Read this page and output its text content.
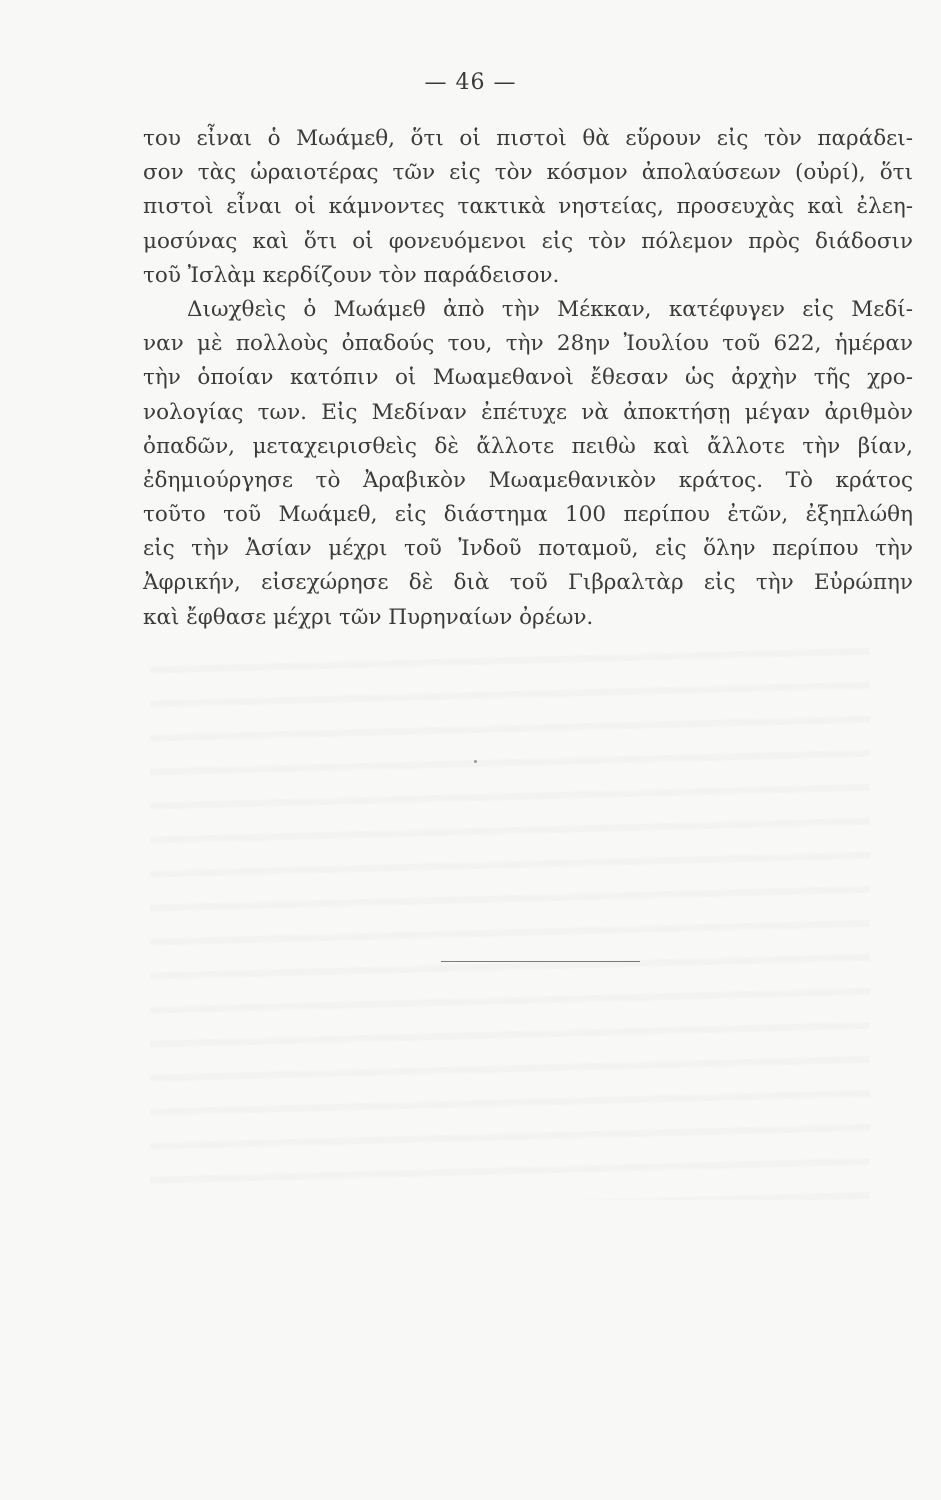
— 46 —
του εἶναι ὁ Μωάμεθ, ὅτι οἱ πιστοὶ θὰ εὕρουν εἰς τὸν παράδει-
σον τὰς ὡραιοτέρας τῶν εἰς τὸν κόσμον ἀπολαύσεων (οὐρί), ὅτι
πιστοὶ εἶναι οἱ κάμνοντες τακτικὰ νηστείας, προσευχὰς καὶ ἐλεη-
μοσύνας καὶ ὅτι οἱ φονευόμενοι εἰς τὸν πόλεμον πρὸς διάδοσιν
τοῦ Ἰσλὰμ κερδίζουν τὸν παράδεισον.
Διωχθεὶς ὁ Μωάμεθ ἀπὸ τὴν Μέκκαν, κατέφυγεν εἰς Μεδί-
ναν μὲ πολλοὺς ὀπαδούς του, τὴν 28ην Ἰουλίου τοῦ 622, ἡμέραν
τὴν ὁποίαν κατόπιν οἱ Μωαμεθανοὶ ἔθεσαν ὡς ἀρχὴν τῆς χρο-
νολογίας των. Εἰς Μεδίναν ἐπέτυχε νὰ ἀποκτήσῃ μέγαν ἀριθμὸν
ὀπαδῶν, μεταχειρισθεὶς δὲ ἄλλοτε πειθὼ καὶ ἄλλοτε τὴν βίαν,
ἐδημιούργησε τὸ Ἀραβικὸν Μωαμεθανικὸν κράτος. Τὸ κράτος
τοῦτο τοῦ Μωάμεθ, εἰς διάστημα 100 περίπου ἐτῶν, ἐξηπλώθη
εἰς τὴν Ἀσίαν μέχρι τοῦ Ἰνδοῦ ποταμοῦ, εἰς ὅλην περίπου τὴν
Ἀφρικήν, εἰσεχώρησε δὲ διὰ τοῦ Γιβραλτὰρ εἰς τὴν Εὐρώπην
καὶ ἔφθασε μέχρι τῶν Πυρηναίων ὀρέων.
